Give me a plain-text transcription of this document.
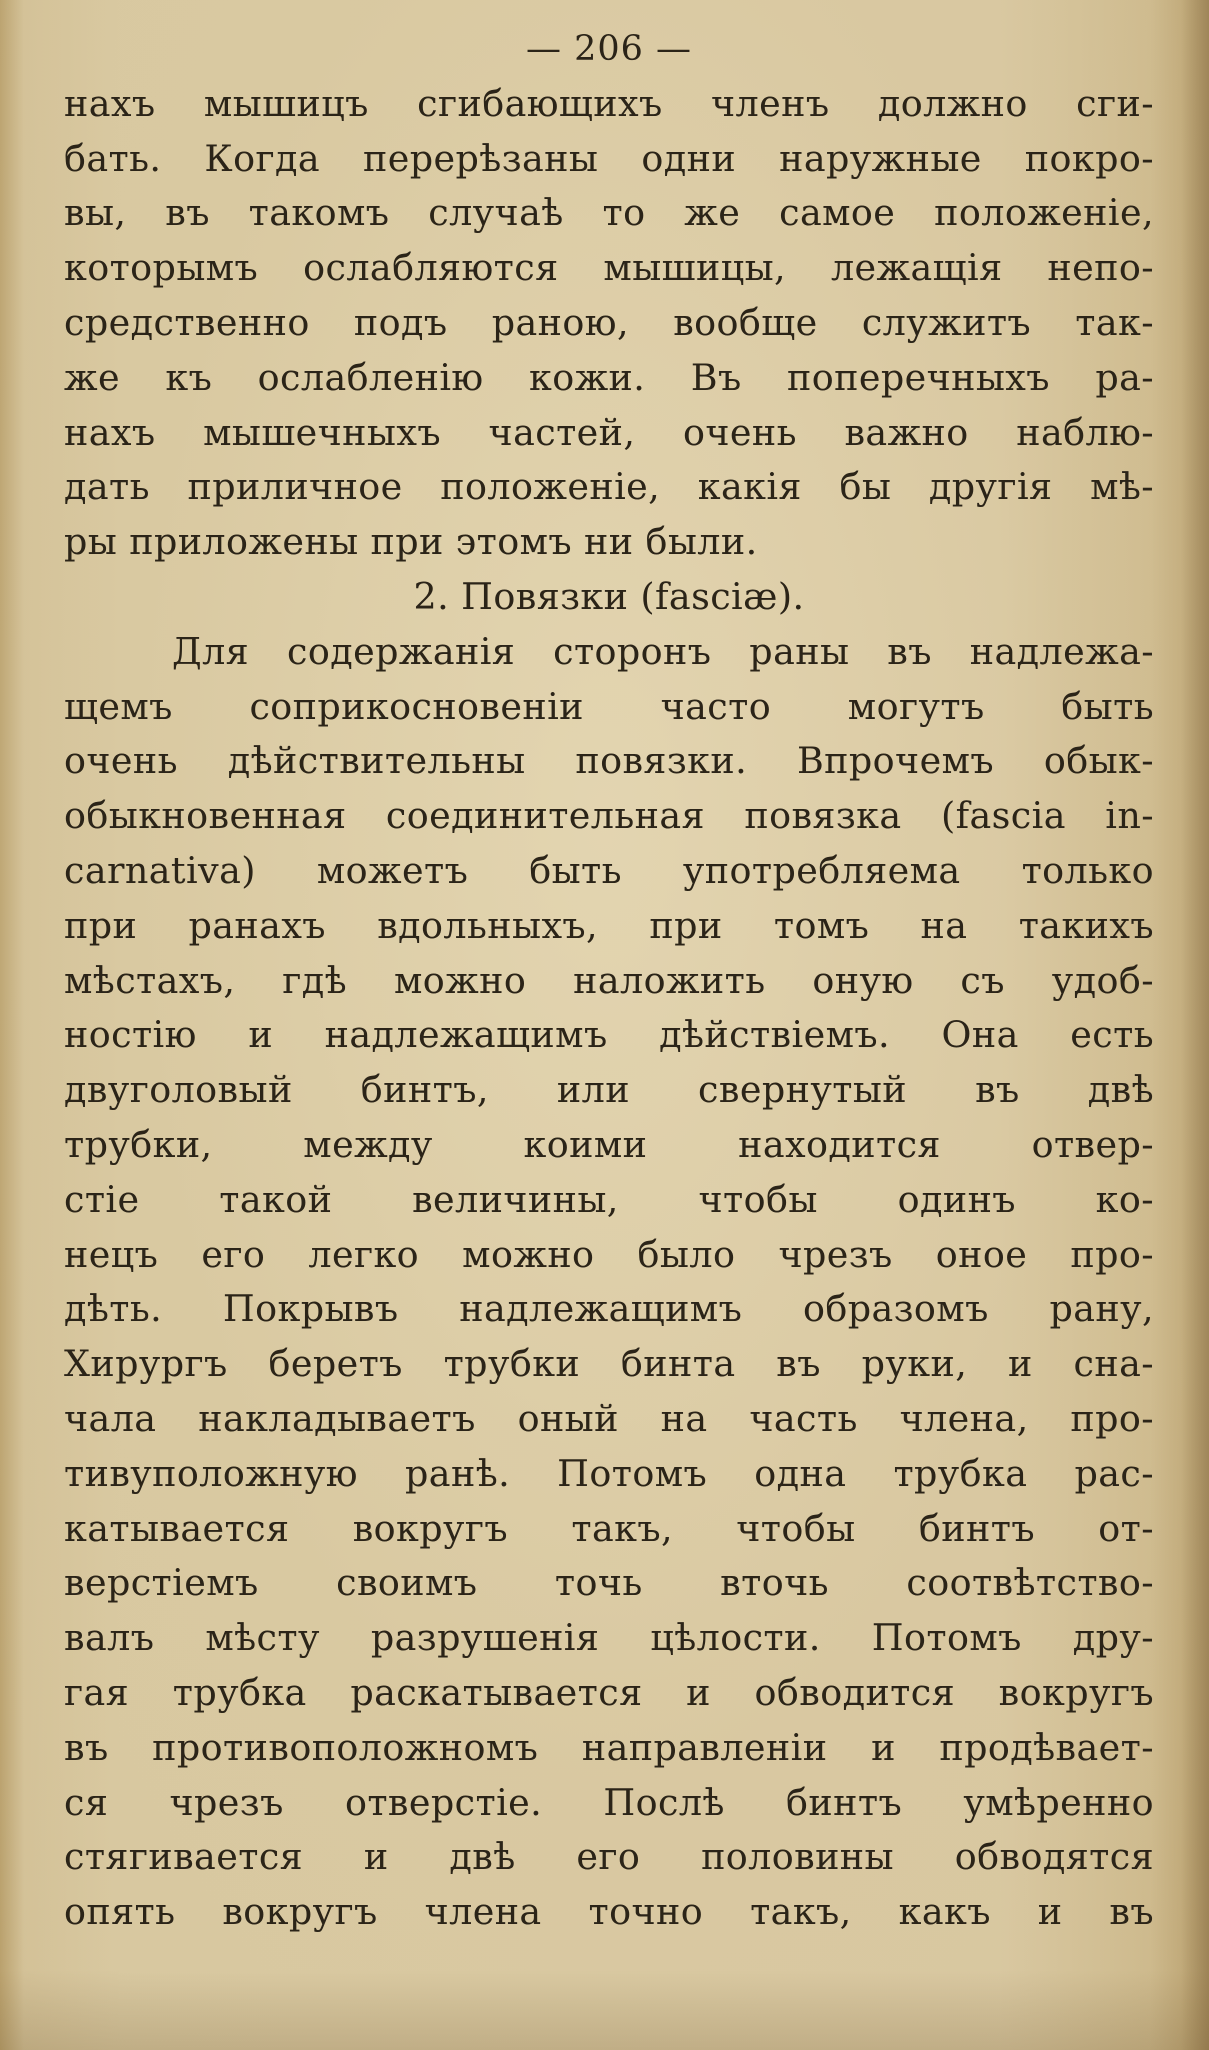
— 206 —
нахъ мышицъ сгибающихъ членъ должно сги-
бать. Когда перерѣзаны одни наружные покро-
вы, въ такомъ случаѣ то же самое положеніе,
которымъ ослабляются мышицы, лежащія непо-
средственно подъ раною, вообще служитъ так-
же къ ослабленію кожи. Въ поперечныхъ ра-
нахъ мышечныхъ частей, очень важно наблю-
дать приличное положеніе, какія бы другія мѣ-
ры приложены при этомъ ни были.
2. Повязки (fasciæ).
Для содержанія сторонъ раны въ надлежа-
щемъ соприкосновеніи часто могутъ быть
очень дѣйствительны повязки. Впрочемъ обык-
обыкновенная соединительная повязка (fascia in-
carnativa) можетъ быть употребляема только
при ранахъ вдольныхъ, при томъ на такихъ
мѣстахъ, гдѣ можно наложить оную съ удоб-
ностію и надлежащимъ дѣйствіемъ. Она есть
двуголовый бинтъ, или свернутый въ двѣ
трубки, между коими находится отвер-
стіе такой величины, чтобы одинъ ко-
нецъ его легко можно было чрезъ оное про-
дѣть. Покрывъ надлежащимъ образомъ рану,
Хирургъ беретъ трубки бинта въ руки, и сна-
чала накладываетъ оный на часть члена, про-
тивуположную ранѣ. Потомъ одна трубка рас-
катывается вокругъ такъ, чтобы бинтъ от-
верстіемъ своимъ точь вточь соотвѣтство-
валъ мѣсту разрушенія цѣлости. Потомъ дру-
гая трубка раскатывается и обводится вокругъ
въ противоположномъ направленіи и продѣвает-
ся чрезъ отверстіе. Послѣ бинтъ умѣренно
стягивается и двѣ его половины обводятся
опять вокругъ члена точно такъ, какъ и въ
